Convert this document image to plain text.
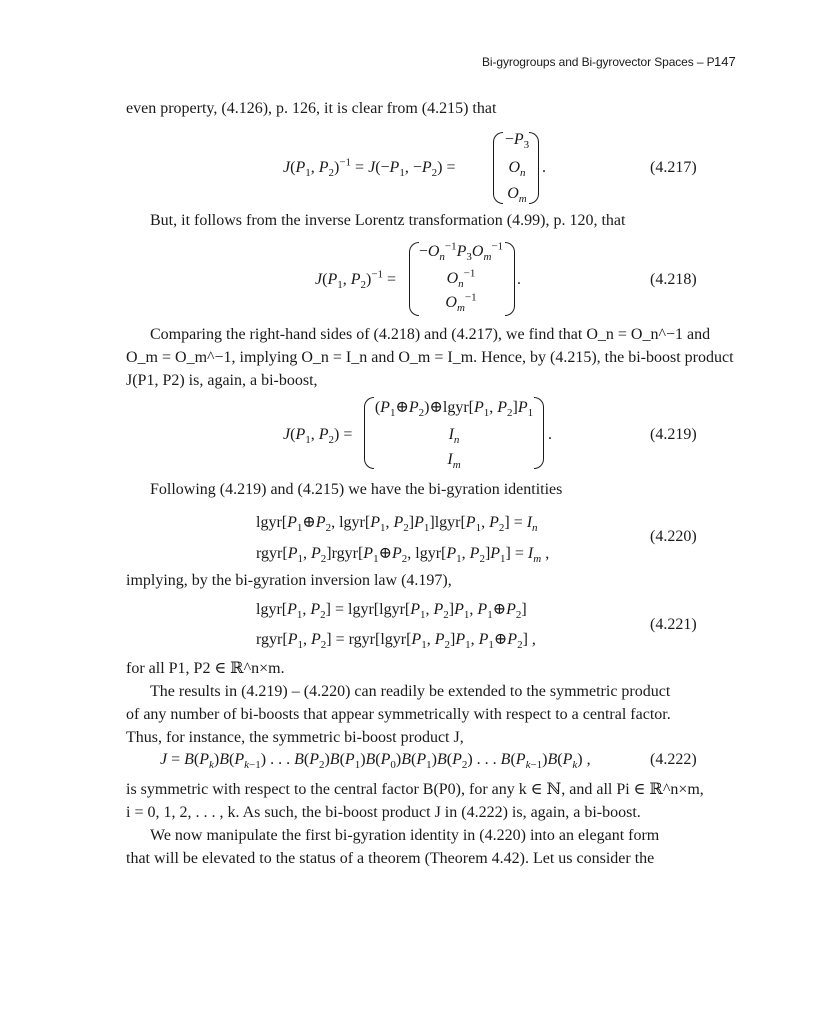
Bi-gyrogroups and Bi-gyrovector Spaces – P 147
even property, (4.126), p. 126, it is clear from (4.215) that
$J(P_1$, $P_2)^{-1} = J(-P_1$, $-P_2$) =
$-P_3$
$O_n$
$O_m$
.	(4.217)
But, it follows from the inverse Lorentz transformation (4.99), p. 120, that
$J(P_1$, $P_2)^{-1}$ =
$-O_n^{-1}P_3O_m^{-1}$
$O_n^{-1}$
$O_m^{-1}$
.	(4.218)
Comparing the right-hand sides of (4.218) and (4.217), we find that O_n = O_n^−1 and
O_m = O_m^−1, implying O_n = I_n and O_m = I_m. Hence, by (4.215), the bi-boost product
J(P1, P2) is, again, a bi-boost,
$J(P_1$, $P_2$) =
$(P_1\oplus P_2)\oplus lgyr[P_1$, $P_2]P_1$
$I_n$
$I_m$
.	(4.219)
Following (4.219) and (4.215) we have the bi-gyration identities
$lgyr[P_1\oplus P_2$, $lgyr[P_1$, $P_2]P_1]lgyr[P_1$, $P_2] = I_n$
$rgyr[P_1$, $P_2]rgyr[P_1\oplus P_2$, $lgyr[P_1$, $P_2]P_1] = I_m$ ,
(4.220)
implying, by the bi-gyration inversion law (4.197),
$lgyr[P_1$, $P_2$] = $lgyr[lgyr[P_1$, $P_2]P_1$, $P_1\oplus P_2$]
$rgyr[P_1$, $P_2$] = $rgyr[lgyr[P_1$, $P_2]P_1$, $P_1\oplus P_2$] ,
(4.221)
for all P1, P2 ∈ ℝ^n×m.
The results in (4.219) – (4.220) can readily be extended to the symmetric product
of any number of bi-boosts that appear symmetrically with respect to a central factor.
Thus, for instance, the symmetric bi-boost product J,
$J = B(P_k)B(P_{k-1})$ . . . $B(P_2)B(P_1)B(P_0)B(P_1)B(P_2)$ . . . $B(P_{k-1})B(P_k)$ ,	(4.222)
is symmetric with respect to the central factor B(P0), for any k ∈ ℕ, and all Pi ∈ ℝ^n×m,
i = 0, 1, 2, . . . , k. As such, the bi-boost product J in (4.222) is, again, a bi-boost.
We now manipulate the first bi-gyration identity in (4.220) into an elegant form
that will be elevated to the status of a theorem (Theorem 4.42). Let us consider the
